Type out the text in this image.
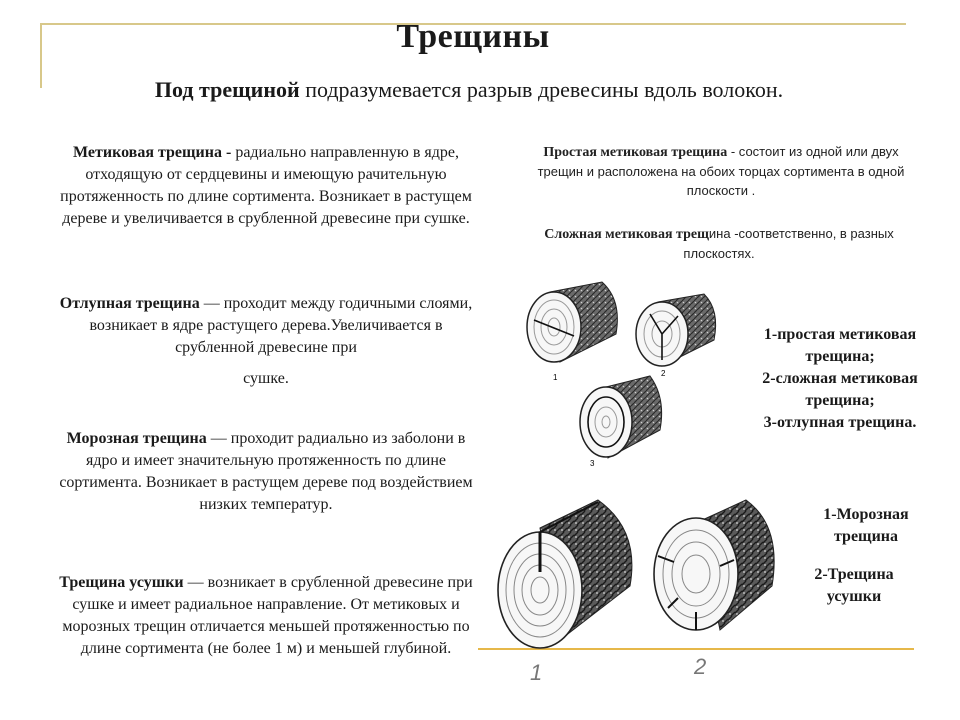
Трещины
Под трещиной подразумевается разрыв древесины вдоль волокон.

Метиковая трещина - радиально направленную в ядре, отходящую от сердцевины и имеющую рачительную протяженность по длине сортимента. Возникает в растущем дереве и увеличивается в срубленной древесине при сушке.

Отлупная трещина — проходит между годичными слоями, возникает в ядре растущего дерева.Увеличивается в срубленной древесине при
сушке.

Морозная трещина — проходит радиально из заболони в ядро и имеет значительную протяженность по длине сортимента. Возникает в растущем дереве под воздействием низких температур.

Трещина усушки — возникает в срубленной древесине при сушке и имеет радиальное направление. От метиковых и морозных трещин отличается меньшей протяженностью по длине сортимента (не более 1 м) и меньшей глубиной.

Простая метиковая трещина - состоит из одной или двух трещин и расположена на обоих торцах сортимента в одной плоскости .

Сложная метиковая трещина -соответственно, в разных плоскостях.

1	2
3
1-простая метиковая
трещина;
2-сложная метиковая
трещина;
3-отлупная трещина.
1	2
1-Морозная
трещина
2-Трещина
усушки
